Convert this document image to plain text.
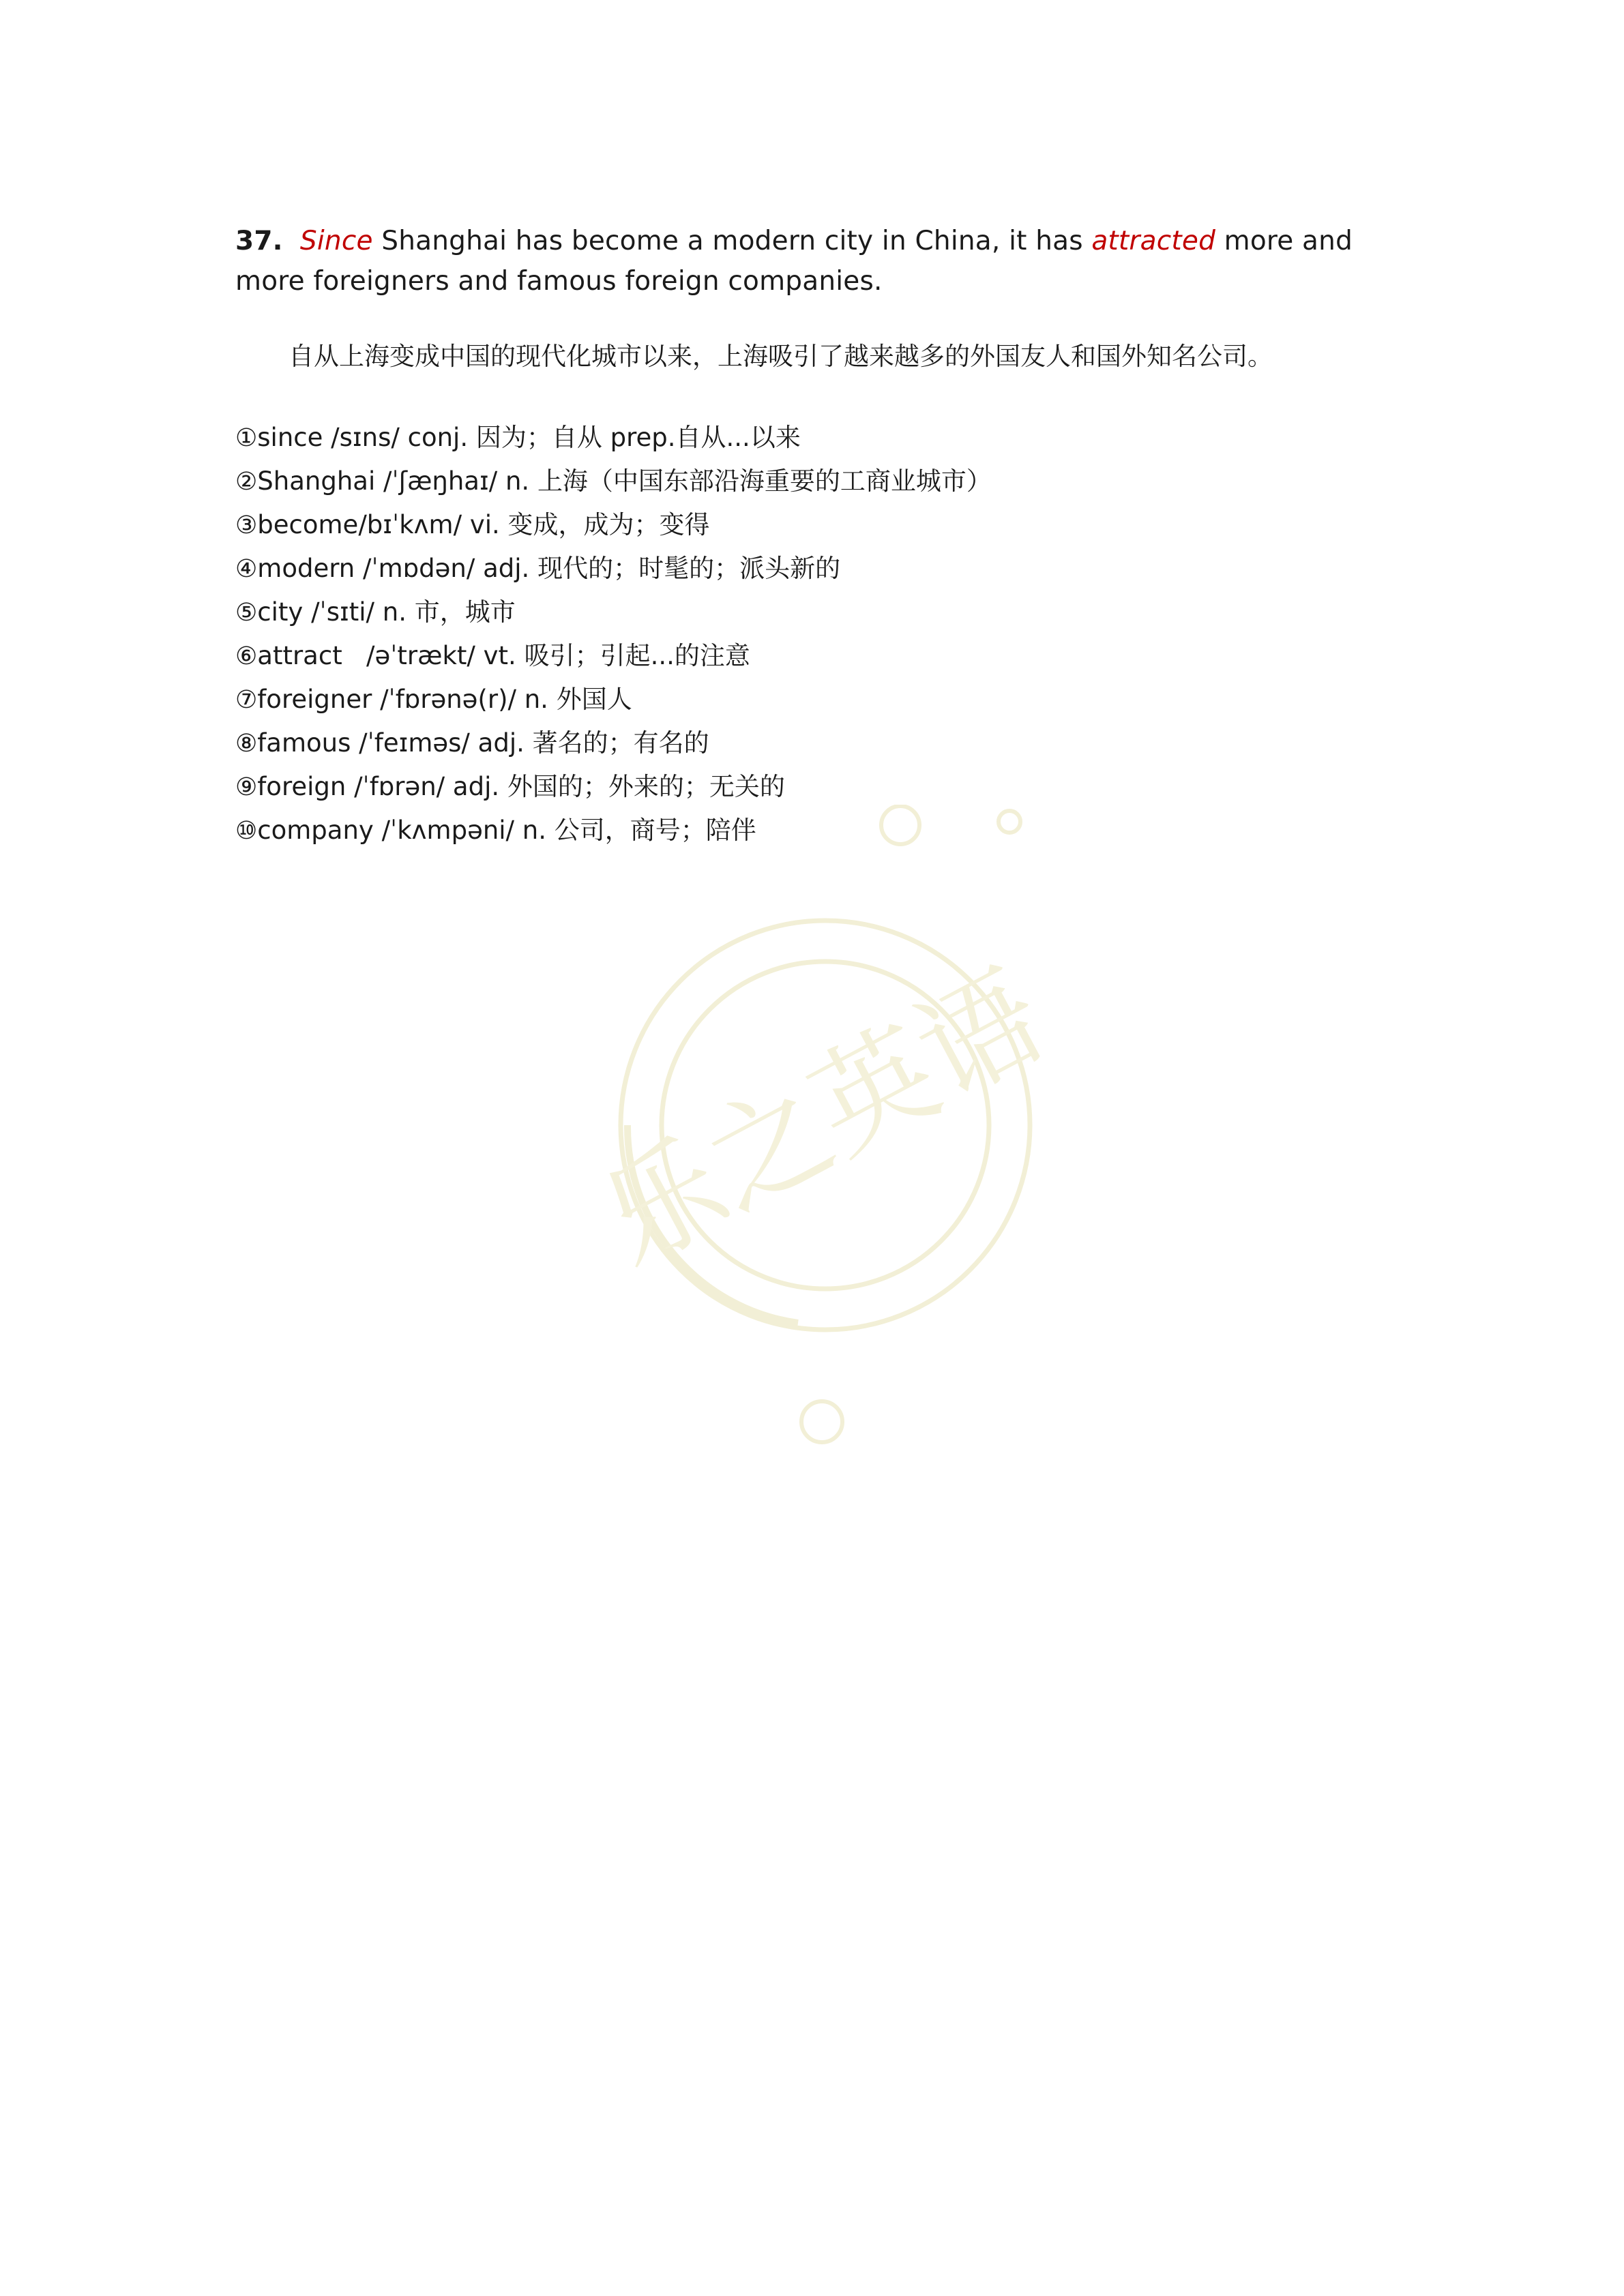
乐之英语

37. Since Shanghai has become a modern city in China, it has attracted more and more foreigners and famous foreign companies.

自从上海变成中国的现代化城市以来，上海吸引了越来越多的外国友人和国外知名公司。

①since /sɪns/ conj. 因为；自从 prep.自从...以来
②Shanghai /ˈʃæŋhaɪ/ n. 上海（中国东部沿海重要的工商业城市）
③become/bɪˈkʌm/ vi. 变成，成为；变得
④modern /ˈmɒdən/ adj. 现代的；时髦的；派头新的
⑤city /ˈsɪti/ n. 市，城市
⑥attract /əˈtrækt/ vt. 吸引；引起...的注意
⑦foreigner /ˈfɒrənə(r)/ n. 外国人
⑧famous /ˈfeɪməs/ adj. 著名的；有名的
⑨foreign /ˈfɒrən/ adj. 外国的；外来的；无关的
⑩company /ˈkʌmpəni/ n. 公司，商号；陪伴
